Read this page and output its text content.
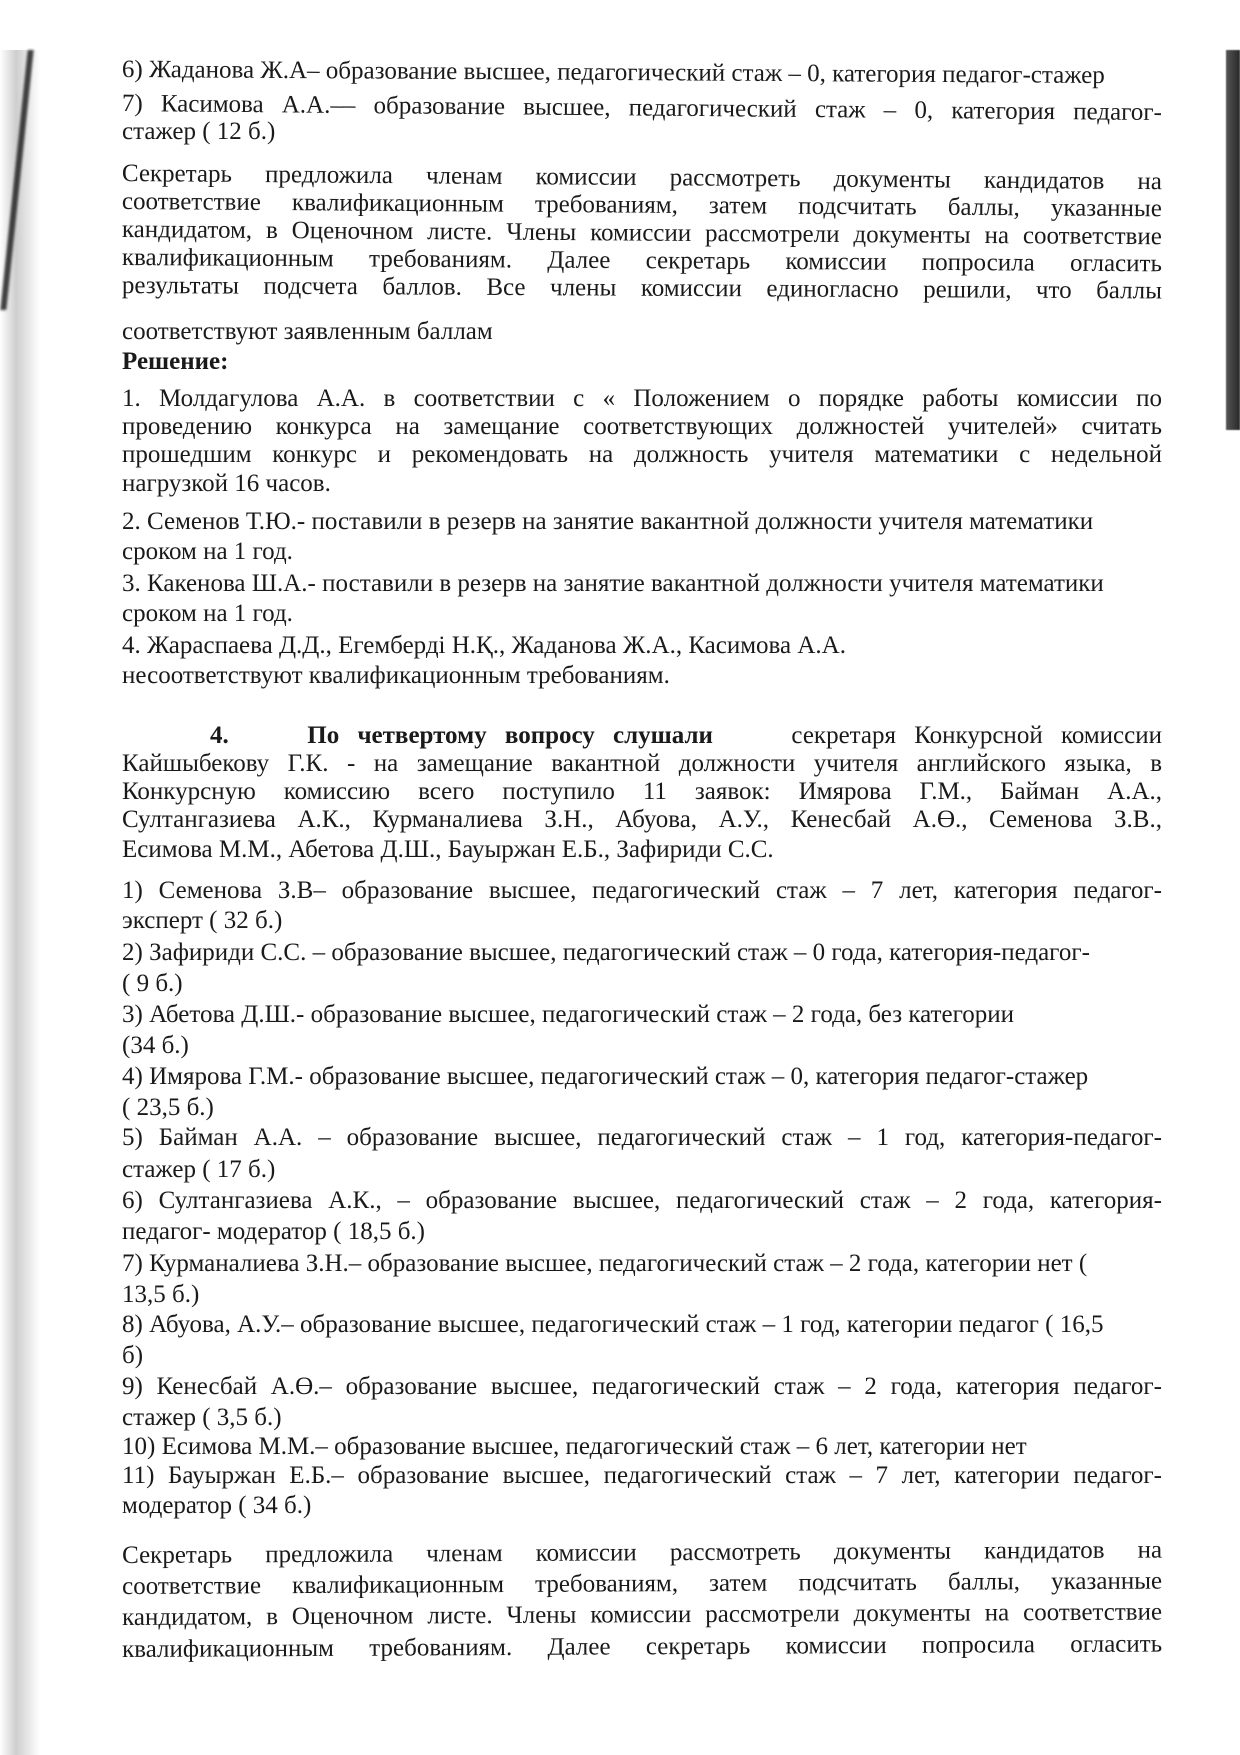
6) Жаданова Ж.А– образование высшее, педагогический стаж – 0, категория педагог-стажер
7) Касимова А.А.–– образование высшее, педагогический стаж – 0, категория педагог-
стажер ( 12 б.)
Секретарь предложила членам комиссии рассмотреть документы кандидатов на
соответствие квалификационным требованиям, затем подсчитать баллы, указанные
кандидатом, в Оценочном листе. Члены комиссии рассмотрели документы на соответствие
квалификационным требованиям. Далее секретарь комиссии попросила огласить
результаты подсчета баллов. Все члены комиссии единогласно решили, что баллы
соответствуют заявленным баллам
Решение:
1. Молдагулова А.А. в соответствии с « Положением о порядке работы комиссии по
проведению конкурса на замещание соответствующих должностей учителей» считать
прошедшим конкурс и рекомендовать на должность учителя математики с недельной
нагрузкой 16 часов.
2. Семенов Т.Ю.- поставили в резерв на занятие вакантной должности учителя математики
сроком на 1 год.
3. Какенова Ш.А.- поставили в резерв на занятие вакантной должности учителя математики
сроком на 1 год.
4. Жараспаева Д.Д., Егемберді Н.Қ., Жаданова Ж.А., Касимова А.А.
несоответствуют квалификационным требованиям.
4.	По четвертому вопросу слушали	секретаря Конкурсной комиссии
Кайшыбекову Г.К. - на замещание вакантной должности учителя английского языка, в
Конкурсную комиссию всего поступило 11 заявок: Имярова Г.М., Байман А.А.,
Султангазиева А.К., Курманалиева З.Н., Абуова, А.У., Кенесбай А.Ө., Семенова З.В.,
Есимова М.М., Абетова Д.Ш., Бауыржан Е.Б., Зафириди С.С.
1) Семенова З.В– образование высшее, педагогический стаж – 7 лет, категория педагог-
эксперт ( 32 б.)
2) Зафириди С.С. – образование высшее, педагогический стаж – 0 года, категория-педагог-
( 9 б.)
3) Абетова Д.Ш.- образование высшее, педагогический стаж – 2 года, без категории
(34 б.)
4) Имярова Г.М.- образование высшее, педагогический стаж – 0, категория педагог-стажер
( 23,5 б.)
5) Байман А.А. – образование высшее, педагогический стаж – 1 год, категория-педагог-
стажер ( 17 б.)
6) Султангазиева А.К., – образование высшее, педагогический стаж – 2 года, категория-
педагог- модератор ( 18,5 б.)
7) Курманалиева З.Н.– образование высшее, педагогический стаж – 2 года, категории нет (
13,5 б.)
8) Абуова, А.У.– образование высшее, педагогический стаж – 1 год, категории педагог ( 16,5
б)
9) Кенесбай А.Ө.– образование высшее, педагогический стаж – 2 года, категория педагог-
стажер ( 3,5 б.)
10) Есимова М.М.– образование высшее, педагогический стаж – 6 лет, категории нет
11) Бауыржан Е.Б.– образование высшее, педагогический стаж – 7 лет, категории педагог-
модератор ( 34 б.)
Секретарь предложила членам комиссии рассмотреть документы кандидатов на
соответствие квалификационным требованиям, затем подсчитать баллы, указанные
кандидатом, в Оценочном листе. Члены комиссии рассмотрели документы на соответствие
квалификационным требованиям. Далее секретарь комиссии попросила огласить
